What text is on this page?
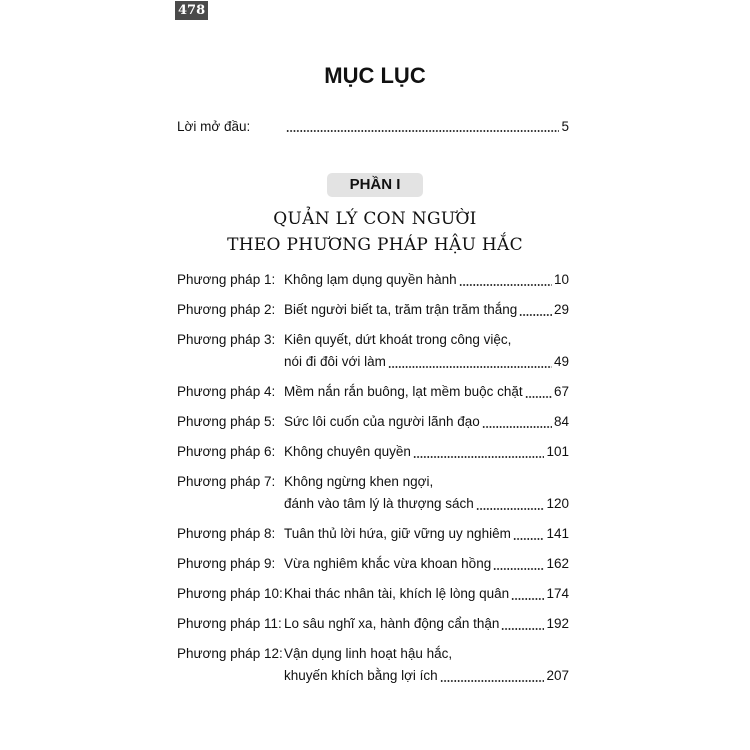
478
MỤC LỤC
Lời mở đầu:	5
PHẦN I
QUẢN LÝ CON NGƯỜI
THEO PHƯƠNG PHÁP HẬU HẮC
Phương pháp 1: Không lạm dụng quyền hành	10
Phương pháp 2: Biết người biết ta, trăm trận trăm thắng	29
Phương pháp 3: Kiên quyết, dứt khoát trong công việc,
nói đi đôi với làm	49
Phương pháp 4: Mềm nắn rắn buông, lạt mềm buộc chặt 67
Phương pháp 5: Sức lôi cuốn của người lãnh đạo	84
Phương pháp 6: Không chuyên quyền	101
Phương pháp 7: Không ngừng khen ngợi,
đánh vào tâm lý là thượng sách	120
Phương pháp 8: Tuân thủ lời hứa, giữ vững uy nghiêm	141
Phương pháp 9: Vừa nghiêm khắc vừa khoan hồng	162
Phương pháp 10: Khai thác nhân tài, khích lệ lòng quân	174
Phương pháp 11: Lo sâu nghĩ xa, hành động cẩn thận	192
Phương pháp 12: Vận dụng linh hoạt hậu hắc,
khuyến khích bằng lợi ích	207
